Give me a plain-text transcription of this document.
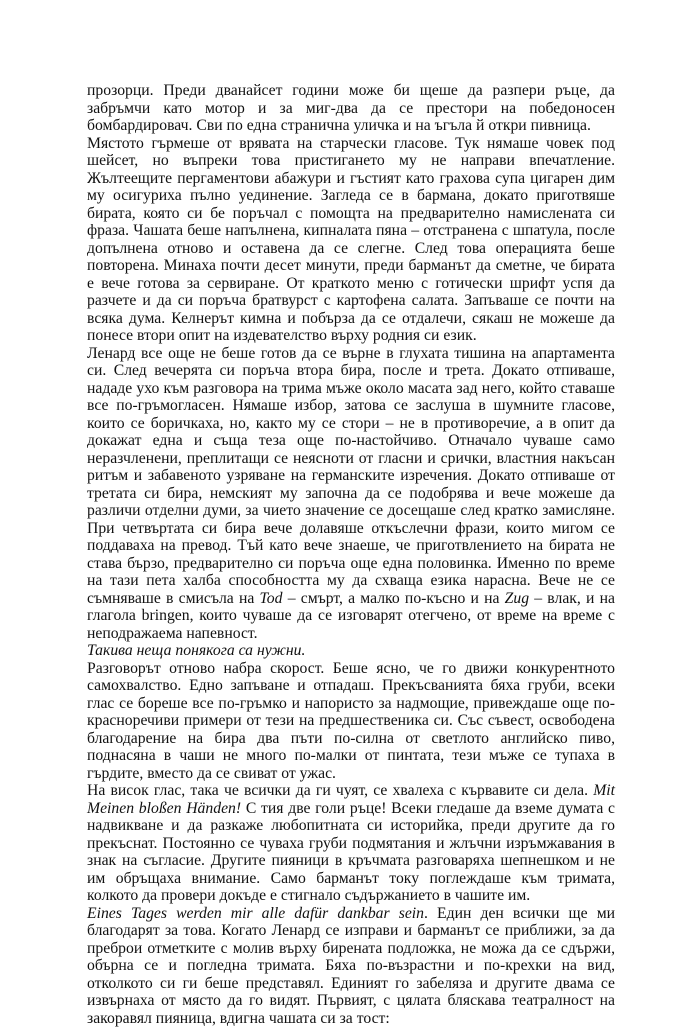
прозорци. Преди дванайсет години може би щеше да разпери ръце, да забръмчи като мотор и за миг-два да се престори на победоносен бомбардировач. Сви по една странична уличка и на ъгъла й откри пивница.

Мястото гърмеше от врявата на старчески гласове. Тук нямаше човек под шейсет, но въпреки това пристигането му не направи впечатление. Жълтеещите пергаментови абажури и гъстият като грахова супа цигарен дим му осигуриха пълно уединение. Загледа се в бармана, докато приготвяше бирата, която си бе поръчал с помощта на предварително намислената си фраза. Чашата беше напълнена, кипналата пяна – отстранена с шпатула, после допълнена отново и оставена да се слегне. След това операцията беше повторена. Минаха почти десет минути, преди барманът да сметне, че бирата е вече готова за сервиране. От краткото меню с готически шрифт успя да разчете и да си поръча братвурст с картофена салата. Запъваше се почти на всяка дума. Келнерът кимна и побърза да се отдалечи, сякаш не можеше да понесе втори опит на издевателство върху родния си език.

Ленард все още не беше готов да се върне в глухата тишина на апартамента си. След вечерята си поръча втора бира, после и трета. Докато отпиваше, нададе ухо към разговора на трима мъже около масата зад него, който ставаше все по-гръмогласен. Нямаше избор, затова се заслуша в шумните гласове, които се боричкаха, но, както му се стори – не в противоречие, а в опит да докажат една и съща теза още по-настойчиво. Отначало чуваше само неразчленени, преплитащи се неясноти от гласни и срички, властния накъсан ритъм и забавеното узряване на германските изречения. Докато отпиваше от третата си бира, немският му започна да се подобрява и вече можеше да различи отделни думи, за чието значение се досещаше след кратко замисляне. При четвъртата си бира вече долавяше откъслечни фрази, които мигом се поддаваха на превод. Тъй като вече знаеше, че приготвлението на бирата не става бързо, предварително си поръча още една половинка. Именно по време на тази пета халба способността му да схваща езика нарасна. Вече не се съмняваше в смисъла на Tod – смърт, а малко по-късно и на Zug – влак, и на глагола bringen, които чуваше да се изговарят отегчено, от време на време с неподражаема напевност.

Такива неща понякога са нужни.

Разговорът отново набра скорост. Беше ясно, че го движи конкурентното самохвалство. Едно запъване и отпадаш. Прекъсванията бяха груби, всеки глас се бореше все по-гръмко и напористо за надмощие, привеждаше още по-красноречиви примери от тези на предшественика си. Със съвест, освободена благодарение на бира два пъти по-силна от светлото английско пиво, поднасяна в чаши не много по-малки от пинтата, тези мъже се тупаха в гърдите, вместо да се свиват от ужас.

На висок глас, така че всички да ги чуят, се хвалеха с кървавите си дела. Mit Meinen bloßen Händen! С тия две голи ръце! Всеки гледаше да вземе думата с надвикване и да разкаже любопитната си историйка, преди другите да го прекъснат. Постоянно се чуваха груби подмятания и жлъчни изръмжавания в знак на съгласие. Другите пияници в кръчмата разговаряха шепнешком и не им обръщаха внимание. Само барманът току поглеждаше към тримата, колкото да провери докъде е стигнало съдържанието в чашите им.

Eines Tages werden mir alle dafür dankbar sein. Един ден всички ще ми благодарят за това. Когато Ленард се изправи и барманът се приближи, за да преброи отметките с молив върху бирената подложка, не можа да се сдържи, обърна се и погледна тримата. Бяха по-възрастни и по-крехки на вид, отколкото си ги беше представял. Единият го забеляза и другите двама се извърнаха от място да го видят. Първият, с цялата бляскава театралност на закоравял пияница, вдигна чашата си за тост:
